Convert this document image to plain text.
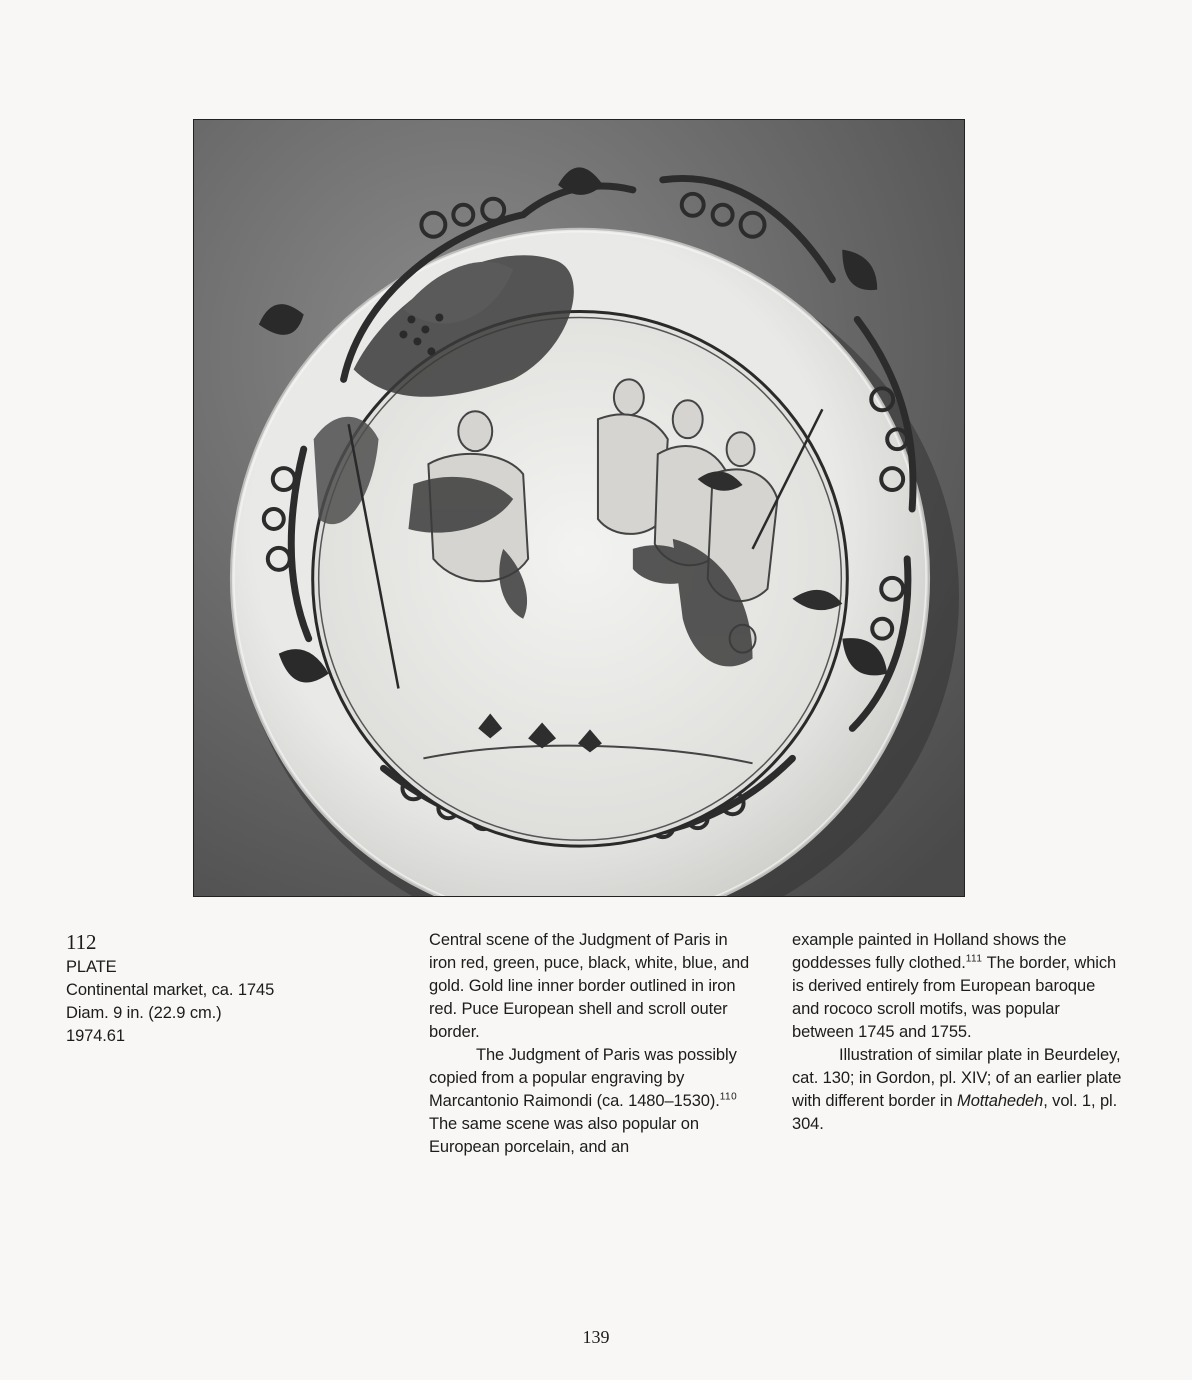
112

PLATE

Continental market, ca. 1745

Diam. 9 in. (22.9 cm.)

1974.61

Central scene of the Judgment of Paris in iron red, green, puce, black, white, blue, and gold. Gold line inner border outlined in iron red. Puce European shell and scroll outer border.

The Judgment of Paris was possibly copied from a popular engraving by Marcantonio Raimondi (ca. 1480–1530).$^{110}$ The same scene was also popular on European porcelain, and an

example painted in Holland shows the goddesses fully clothed.$^{111}$ The border, which is derived entirely from European baroque and rococo scroll motifs, was popular between 1745 and 1755.

Illustration of similar plate in Beurdeley, cat. 130; in Gordon, pl. XIV; of an earlier plate with different border in Mottahedeh, vol. 1, pl. 304.

139
